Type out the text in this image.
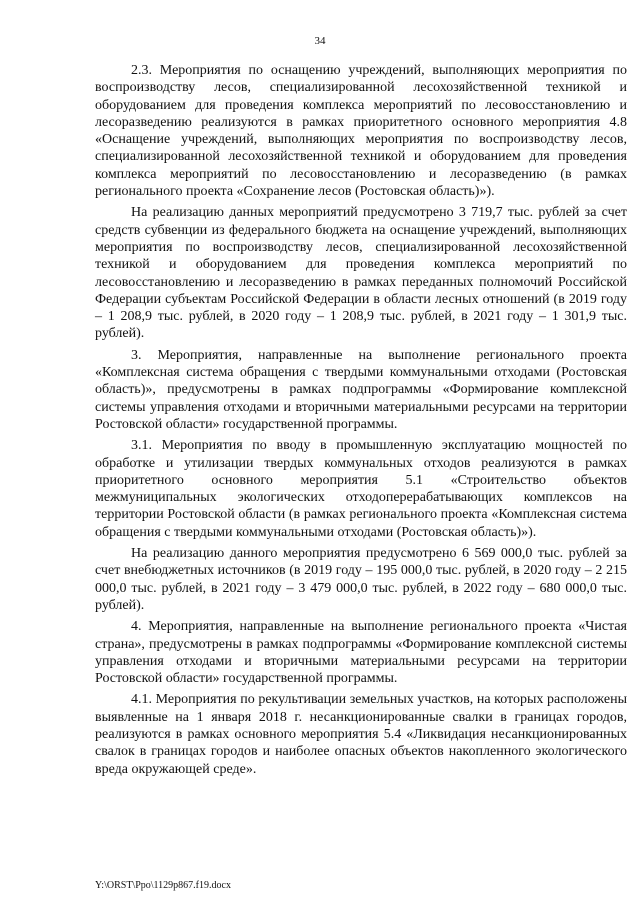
34

2.3. Мероприятия по оснащению учреждений, выполняющих мероприятия по воспроизводству лесов, специализированной лесохозяйственной техникой и оборудованием для проведения комплекса мероприятий по лесовосстановлению и лесоразведению реализуются в рамках приоритетного основного мероприятия 4.8 «Оснащение учреждений, выполняющих мероприятия по воспроизводству лесов, специализированной лесохозяйственной техникой и оборудованием для проведения комплекса мероприятий по лесовосстановлению и лесоразведению (в рамках регионального проекта «Сохранение лесов (Ростовская область)»).

На реализацию данных мероприятий предусмотрено 3 719,7 тыс. рублей за счет средств субвенции из федерального бюджета на оснащение учреждений, выполняющих мероприятия по воспроизводству лесов, специализированной лесохозяйственной техникой и оборудованием для проведения комплекса мероприятий по лесовосстановлению и лесоразведению в рамках переданных полномочий Российской Федерации субъектам Российской Федерации в области лесных отношений (в 2019 году – 1 208,9 тыс. рублей, в 2020 году – 1 208,9 тыс. рублей, в 2021 году – 1 301,9 тыс. рублей).

3. Мероприятия, направленные на выполнение регионального проекта «Комплексная система обращения с твердыми коммунальными отходами (Ростовская область)», предусмотрены в рамках подпрограммы «Формирование комплексной системы управления отходами и вторичными материальными ресурсами на территории Ростовской области» государственной программы.

3.1. Мероприятия по вводу в промышленную эксплуатацию мощностей по обработке и утилизации твердых коммунальных отходов реализуются в рамках приоритетного основного мероприятия 5.1 «Строительство объектов межмуниципальных экологических отходоперерабатывающих комплексов на территории Ростовской области (в рамках регионального проекта «Комплексная система обращения с твердыми коммунальными отходами (Ростовская область)»).

На реализацию данного мероприятия предусмотрено 6 569 000,0 тыс. рублей за счет внебюджетных источников (в 2019 году – 195 000,0 тыс. рублей, в 2020 году – 2 215 000,0 тыс. рублей, в 2021 году – 3 479 000,0 тыс. рублей, в 2022 году – 680 000,0 тыс. рублей).

4. Мероприятия, направленные на выполнение регионального проекта «Чистая страна», предусмотрены в рамках подпрограммы «Формирование комплексной системы управления отходами и вторичными материальными ресурсами на территории Ростовской области» государственной программы.

4.1. Мероприятия по рекультивации земельных участков, на которых расположены выявленные на 1 января 2018 г. несанкционированные свалки в границах городов, реализуются в рамках основного мероприятия 5.4 «Ликвидация несанкционированных свалок в границах городов и наиболее опасных объектов накопленного экологического вреда окружающей среде».

Y:\ORST\Ppo\1129p867.f19.docx
